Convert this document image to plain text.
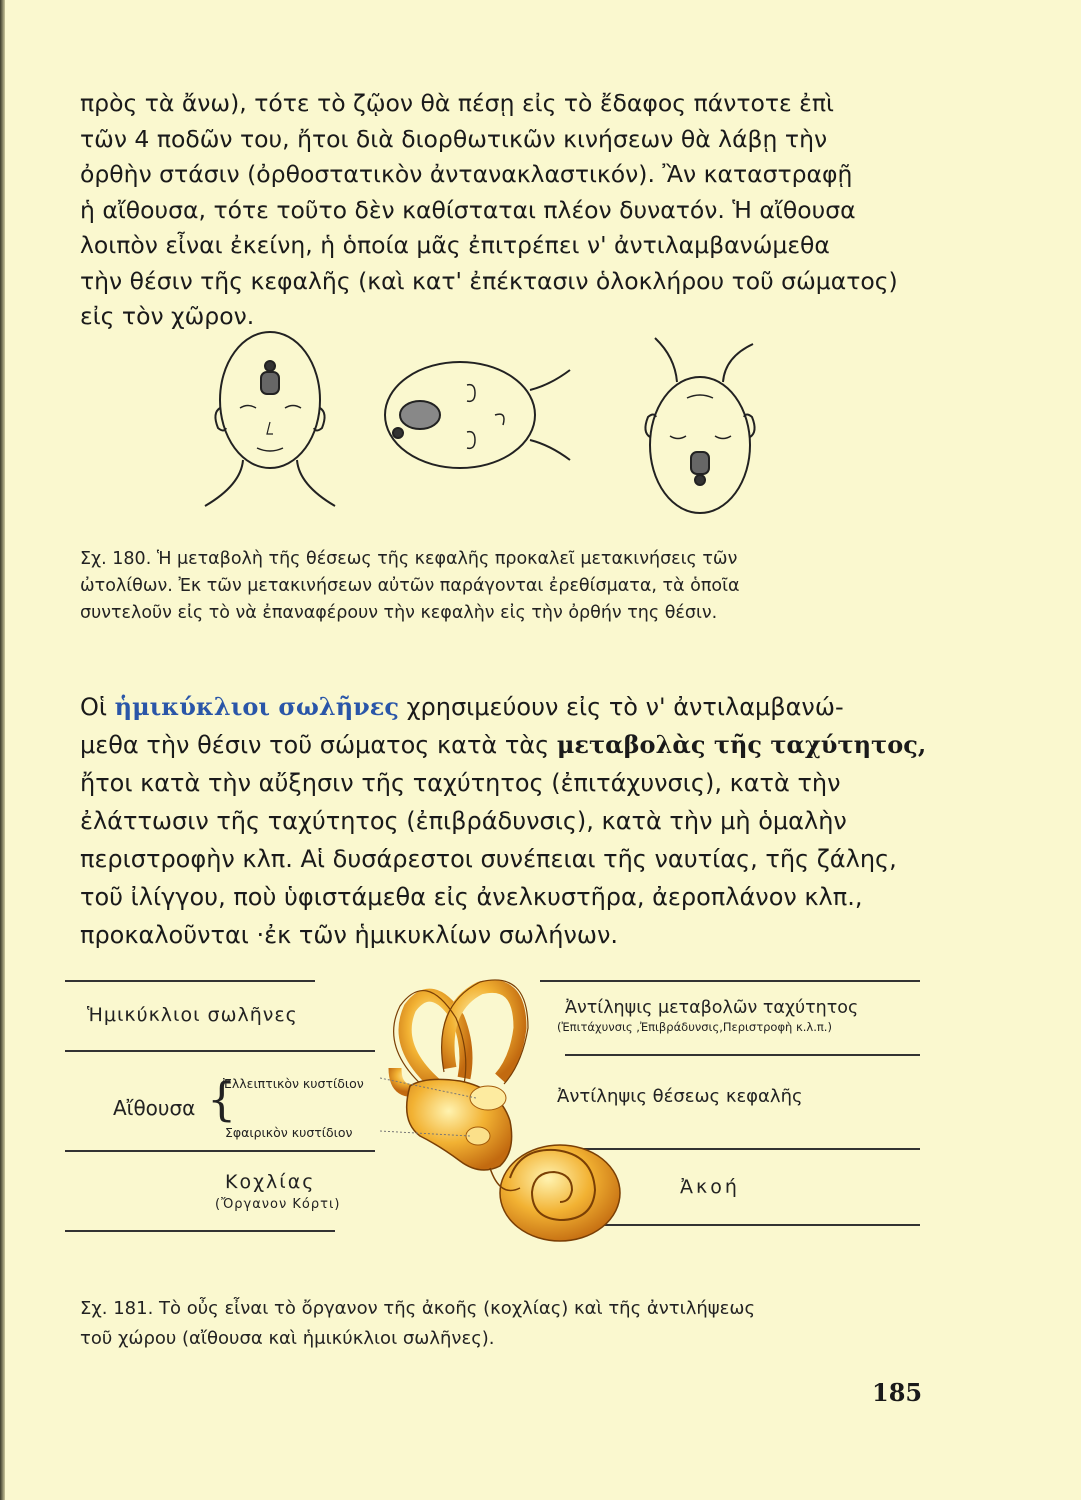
πρὸς τὰ ἄνω), τότε τὸ ζῷον θὰ πέσῃ εἰς τὸ ἔδαφος πάντοτε ἐπὶ
τῶν 4 ποδῶν του, ἤτοι διὰ διορθωτικῶν κινήσεων θὰ λάβῃ τὴν
ὀρθὴν στάσιν (ὀρθοστατικὸν ἀντανακλαστικόν). Ἂν καταστραφῇ
ἡ αἴθουσα, τότε τοῦτο δὲν καθίσταται πλέον δυνατόν. Ἡ αἴθουσα
λοιπὸν εἶναι ἐκείνη, ἡ ὁποία μᾶς ἐπιτρέπει ν' ἀντιλαμβανώμεθα
τὴν θέσιν τῆς κεφαλῆς (καὶ κατ' ἐπέκτασιν ὁλοκλήρου τοῦ σώματος)
εἰς τὸν χῶρον.
Σχ. 180. Ἡ μεταβολὴ τῆς θέσεως τῆς κεφαλῆς προκαλεῖ μετακινήσεις τῶν
ὠτολίθων. Ἐκ τῶν μετακινήσεων αὐτῶν παράγονται ἐρεθίσματα, τὰ ὁποῖα
συντελοῦν εἰς τὸ νὰ ἐπαναφέρουν τὴν κεφαλὴν εἰς τὴν ὀρθήν της θέσιν.
Οἱ ἡμικύκλιοι σωλῆνες χρησιμεύουν εἰς τὸ ν' ἀντιλαμβανώ-
μεθα τὴν θέσιν τοῦ σώματος κατὰ τὰς μεταβολὰς τῆς ταχύτητος,
ἤτοι κατὰ τὴν αὔξησιν τῆς ταχύτητος (ἐπιτάχυνσις), κατὰ τὴν
ἐλάττωσιν τῆς ταχύτητος (ἐπιβράδυνσις), κατὰ τὴν μὴ ὁμαλὴν
περιστροφὴν κλπ. Αἱ δυσάρεστοι συνέπειαι τῆς ναυτίας, τῆς ζάλης,
τοῦ ἰλίγγου, ποὺ ὑφιστάμεθα εἰς ἀνελκυστῆρα, ἀεροπλάνον κλπ.,
προκαλοῦνται ·ἐκ τῶν ἡμικυκλίων σωλήνων.
Ἡμικύκλιοι σωλῆνες
Αἴθουσα {
Ἐλλειπτικὸν κυστίδιον
Σφαιρικὸν κυστίδιον
Κοχλίας
(Ὄργανον Κόρτι)
Ἀντίληψις μεταβολῶν ταχύτητος
(Ἐπιτάχυνσις ,Ἐπιβράδυνσις,Περιστροφὴ κ.λ.π.)
Ἀντίληψις θέσεως κεφαλῆς
Ἀκοή
Σχ. 181. Τὸ οὖς εἶναι τὸ ὄργανον τῆς ἀκοῆς (κοχλίας) καὶ τῆς ἀντιλήψεως
τοῦ χώρου (αἴθουσα καὶ ἡμικύκλιοι σωλῆνες).
185
